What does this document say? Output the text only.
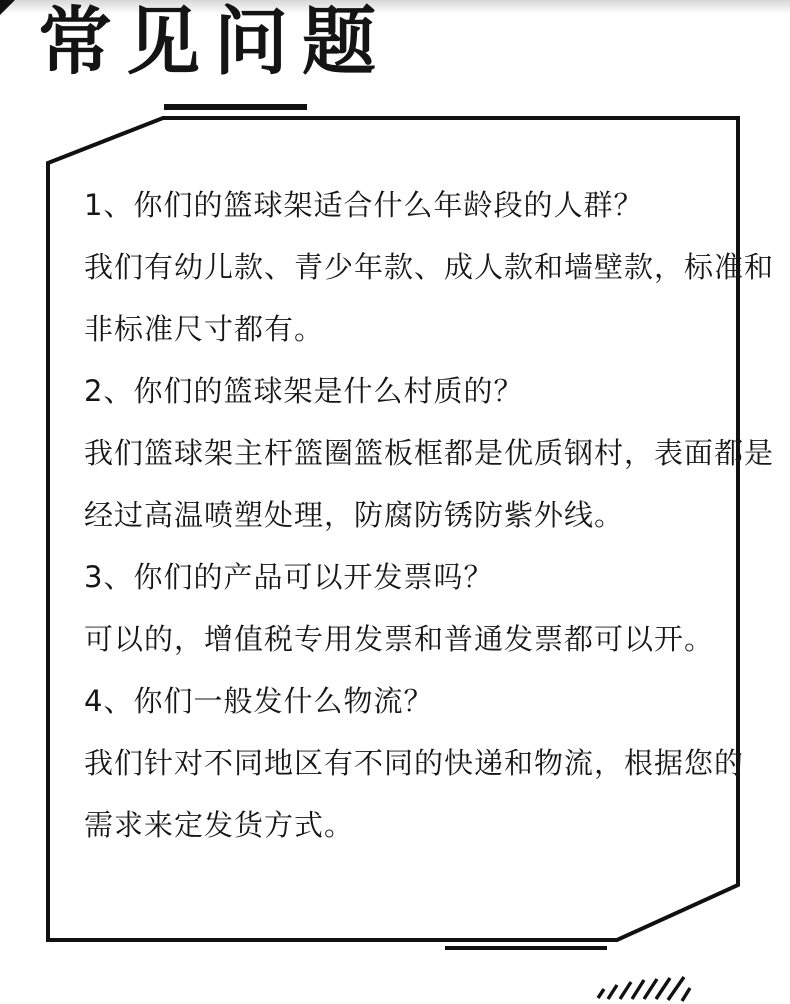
常见问题
1、你们的篮球架适合什么年龄段的人群？
我们有幼儿款、青少年款、成人款和墙壁款，标准和
非标准尺寸都有。
2、你们的篮球架是什么村质的？
我们篮球架主杆篮圈篮板框都是优质钢村，表面都是
经过高温喷塑处理，防腐防锈防紫外线。
3、你们的产品可以开发票吗？
可以的，增值税专用发票和普通发票都可以开。
4、你们一般发什么物流？
我们针对不同地区有不同的快递和物流，根据您的
需求来定发货方式。
